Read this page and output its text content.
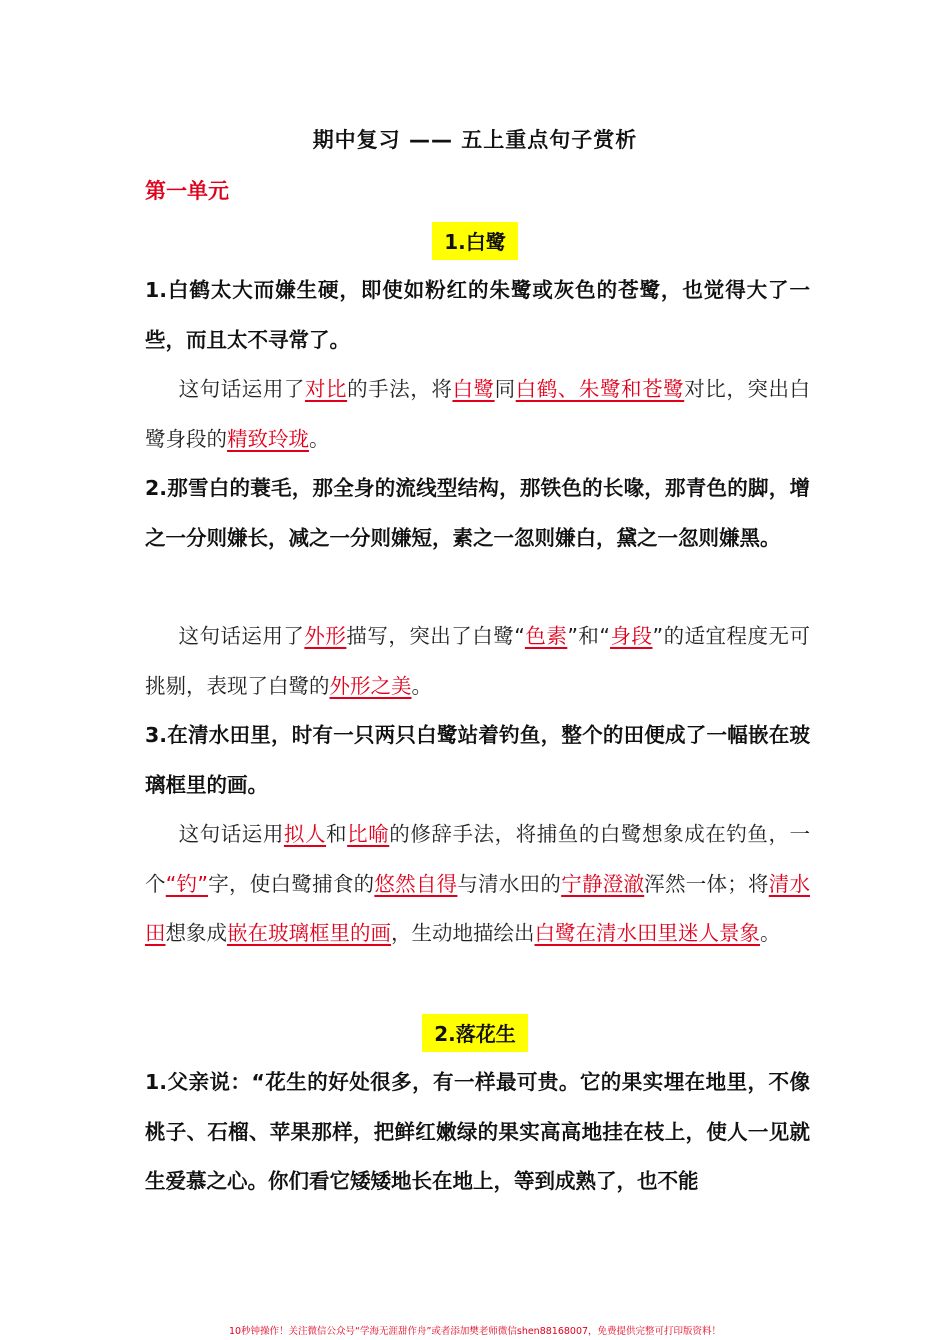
期中复习 —— 五上重点句子赏析
第一单元
1.白鹭
1.白鹤太大而嫌生硬，即使如粉红的朱鹭或灰色的苍鹭，也觉得大了一些，而且太不寻常了。
这句话运用了对比的手法，将白鹭同白鹤、朱鹭和苍鹭对比，突出白鹭身段的精致玲珑。
2.那雪白的蓑毛，那全身的流线型结构，那铁色的长喙，那青色的脚，增之一分则嫌长，减之一分则嫌短，素之一忽则嫌白，黛之一忽则嫌黑。
这句话运用了外形描写，突出了白鹭“色素”和“身段”的适宜程度无可挑剔，表现了白鹭的外形之美。
3.在清水田里，时有一只两只白鹭站着钓鱼，整个的田便成了一幅嵌在玻璃框里的画。
这句话运用拟人和比喻的修辞手法，将捕鱼的白鹭想象成在钓鱼，一个“钓”字，使白鹭捕食的悠然自得与清水田的宁静澄澈浑然一体；将清水田想象成嵌在玻璃框里的画，生动地描绘出白鹭在清水田里迷人景象。
2.落花生
1.父亲说：“花生的好处很多，有一样最可贵。它的果实埋在地里，不像桃子、石榴、苹果那样，把鲜红嫩绿的果实高高地挂在枝上，使人一见就生爱慕之心。你们看它矮矮地长在地上，等到成熟了，也不能
10秒钟操作！关注微信公众号“学海无涯甜作舟”或者添加樊老师微信shen88168007，免费提供完整可打印版资料！
